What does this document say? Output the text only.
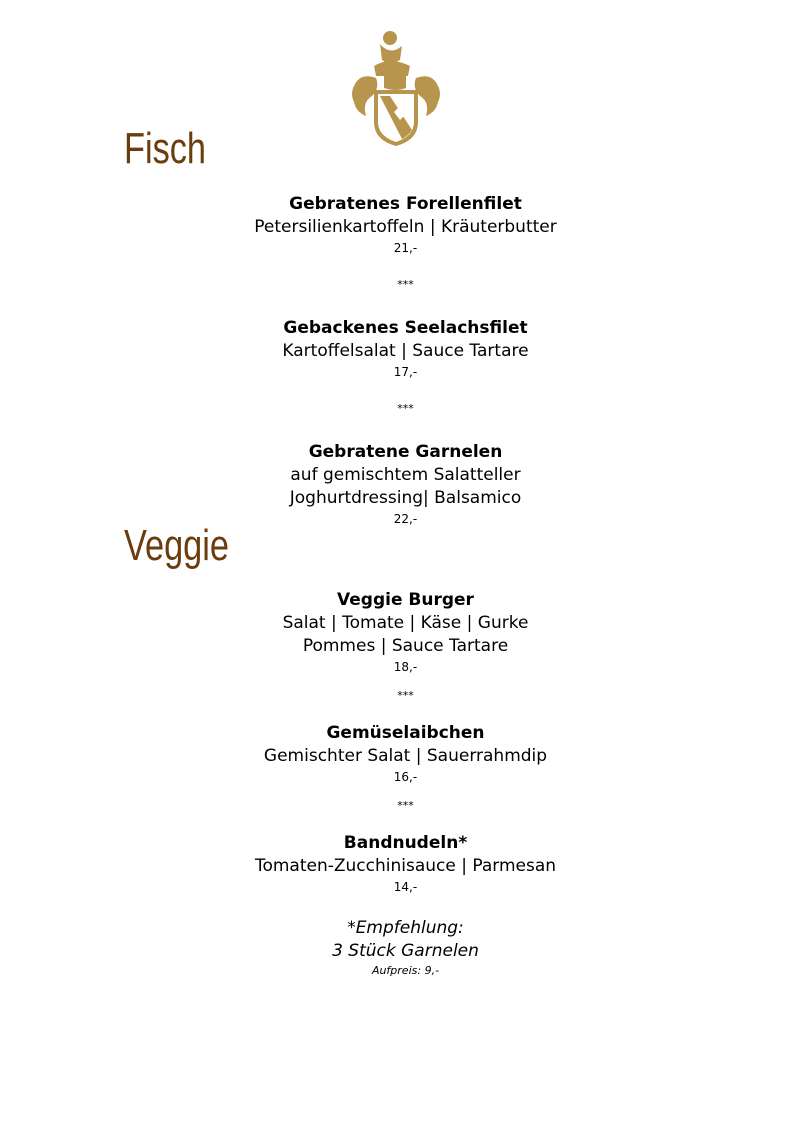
Fisch
Gebratenes Forellenfilet
Petersilienkartoffeln | Kräuterbutter
21,-
***
Gebackenes Seelachsfilet
Kartoffelsalat | Sauce Tartare
17,-
***
Gebratene Garnelen
auf gemischtem Salatteller
Joghurtdressing| Balsamico
22,-
Veggie
Veggie Burger
Salat | Tomate | Käse | Gurke
Pommes | Sauce Tartare
18,-
***
Gemüselaibchen
Gemischter Salat | Sauerrahmdip
16,-
***
Bandnudeln*
Tomaten-Zucchinisauce | Parmesan
14,-
*Empfehlung:
3 Stück Garnelen
Aufpreis: 9,-
